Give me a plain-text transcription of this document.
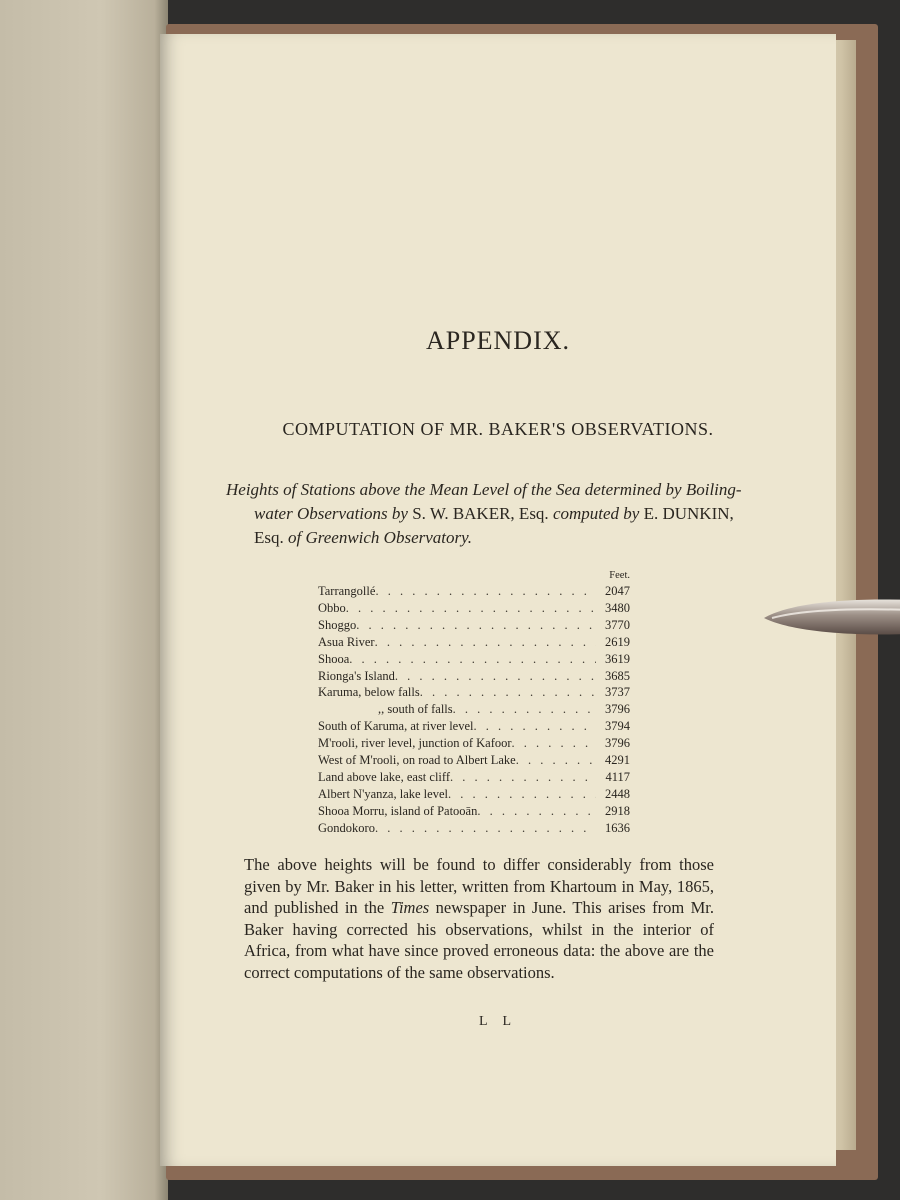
APPENDIX.
COMPUTATION OF MR. BAKER'S OBSERVATIONS.

Heights of Stations above the Mean Level of the Sea determined by Boiling-water Observations by S. W. BAKER, Esq. computed by E. DUNKIN, Esq. of Greenwich Observatory.

Feet.
Tarrangollé . . .	2047
Obbo . . .	3480
Shoggo . . .	3770
Asua River . . .	2619
Shooa . . .	3619
Rionga's Island . . .	3685
Karuma, below falls . . .	3737
,, south of falls . . .	3796
South of Karuma, at river level . . .	3794
M'rooli, river level, junction of Kafoor . . .	3796
West of M'rooli, on road to Albert Lake . . .	4291
Land above lake, east cliff . . .	4117
Albert N'yanza, lake level . . .	2448
Shooa Morru, island of Patooān . . .	2918
Gondokoro . . .	1636

The above heights will be found to differ considerably from those given by Mr. Baker in his letter, written from Khartoum in May, 1865, and published in the Times newspaper in June. This arises from Mr. Baker having corrected his observations, whilst in the interior of Africa, from what have since proved erroneous data: the above are the correct computations of the same observations.

L L
